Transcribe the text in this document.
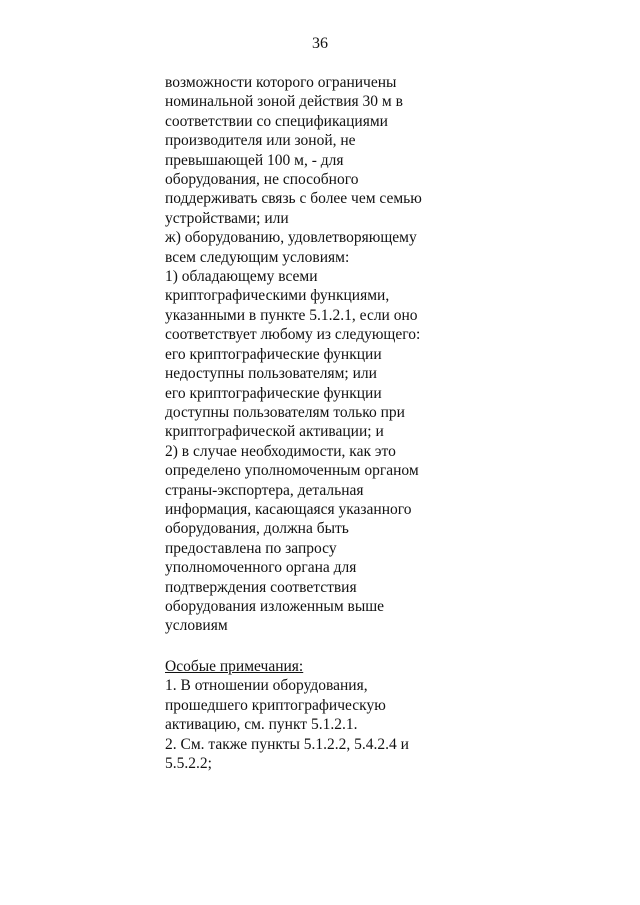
36
возможности которого ограничены
номинальной зоной действия 30 м в
соответствии со спецификациями
производителя или зоной, не
превышающей 100 м, - для
оборудования, не способного
поддерживать связь с более чем семью
устройствами; или
ж) оборудованию, удовлетворяющему
всем следующим условиям:
1) обладающему всеми
криптографическими функциями,
указанными в пункте 5.1.2.1, если оно
соответствует любому из следующего:
его криптографические функции
недоступны пользователям; или
его криптографические функции
доступны пользователям только при
криптографической активации; и
2) в случае необходимости, как это
определено уполномоченным органом
страны-экспортера, детальная
информация, касающаяся указанного
оборудования, должна быть
предоставлена по запросу
уполномоченного органа для
подтверждения соответствия
оборудования изложенным выше
условиям
Особые примечания:
1. В отношении оборудования,
прошедшего криптографическую
активацию, см. пункт 5.1.2.1.
2. См. также пункты 5.1.2.2, 5.4.2.4 и
5.5.2.2;
